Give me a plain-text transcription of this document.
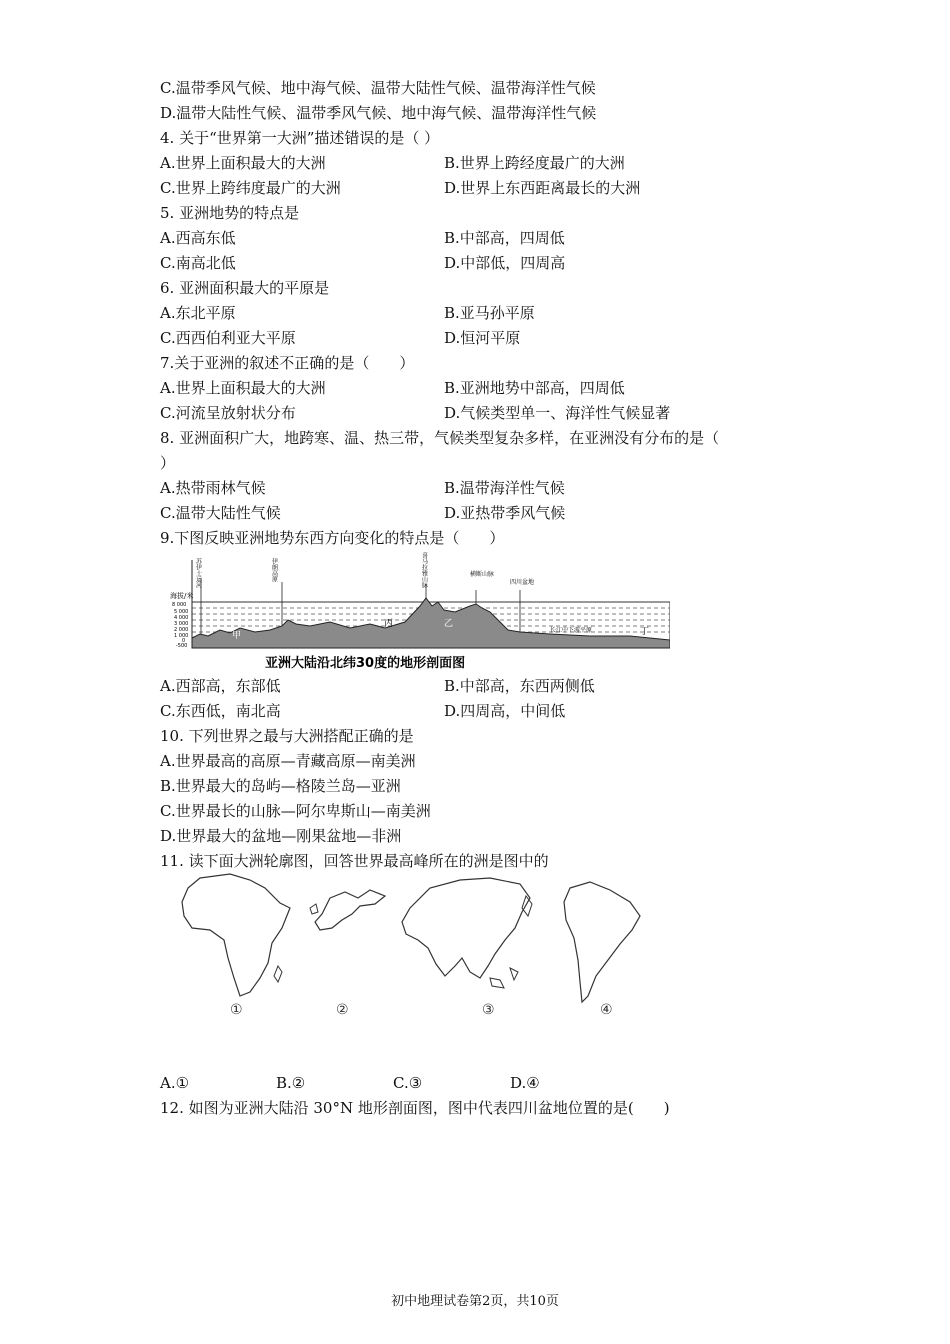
C.温带季风气候、地中海气候、温带大陆性气候、温带海洋性气候
D.温带大陆性气候、温带季风气候、地中海气候、温带海洋性气候
4. 关于“世界第一大洲”描述错误的是（ ）
A.世界上面积最大的大洲	B.世界上跨经度最广的大洲
C.世界上跨纬度最广的大洲	D.世界上东西距离最长的大洲
5. 亚洲地势的特点是
A.西高东低	B.中部高，四周低
C.南高北低	D.中部低，四周高
6. 亚洲面积最大的平原是
A.东北平原	B.亚马孙平原
C.西西伯利亚大平原	D.恒河平原
7.关于亚洲的叙述不正确的是（　　）
A.世界上面积最大的大洲	B.亚洲地势中部高，四周低
C.河流呈放射状分布	D.气候类型单一、海洋性气候显著
8. 亚洲面积广大，地跨寒、温、热三带，气候类型复杂多样，在亚洲没有分布的是（
）
A.热带雨林气候	B.温带海洋性气候
C.温带大陆性气候	D.亚热带季风气候
9.下图反映亚洲地势东西方向变化的特点是（　　）
海拔/米
8 000
5 000
4 000
3 000
2 000
1 000
0
-500
苏伊士运河	伊朗高原	喜马拉雅山脉	横断山脉
四川盆地
长江中下游平原
甲
乙
丙
丁
亚洲大陆沿北纬30度的地形剖面图
A.西部高，东部低	B.中部高，东西两侧低
C.东西低，南北高	D.四周高，中间低
10. 下列世界之最与大洲搭配正确的是
A.世界最高的高原—青藏高原—南美洲
B.世界最大的岛屿—格陵兰岛—亚洲
C.世界最长的山脉—阿尔卑斯山—南美洲
D.世界最大的盆地—刚果盆地—非洲
11. 读下面大洲轮廓图，回答世界最高峰所在的洲是图中的
①	②	③	④
A.①	B.②	C.③	D.④
12. 如图为亚洲大陆沿 30°N 地形剖面图，图中代表四川盆地位置的是(　　)
初中地理试卷第2页，共10页
